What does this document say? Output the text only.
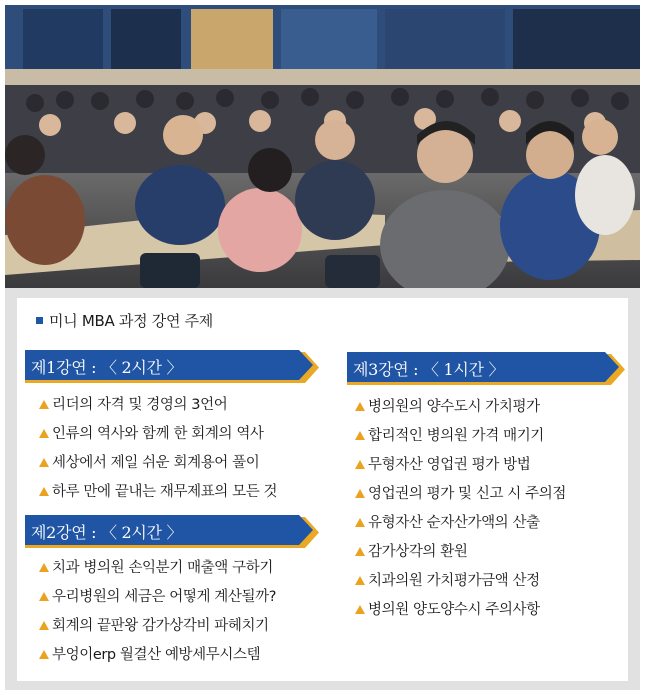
미니 MBA 과정 강연 주제
제1강연 : 〈 2시간 〉
리더의 자격 및 경영의 3언어
인류의 역사와 함께 한 회계의 역사
세상에서 제일 쉬운 회계용어 풀이
하루 만에 끝내는 재무제표의 모든 것
제2강연 : 〈 2시간 〉
치과 병의원 손익분기 매출액 구하기
우리병원의 세금은 어떻게 계산될까?
회계의 끝판왕 감가상각비 파헤치기
부엉이erp 월결산 예방세무시스템
제3강연 : 〈 1시간 〉
병의원의 양수도시 가치평가
합리적인 병의원 가격 매기기
무형자산 영업권 평가 방법
영업권의 평가 및 신고 시 주의점
유형자산 순자산가액의 산출
감가상각의 환원
치과의원 가치평가금액 산정
병의원 양도양수시 주의사항
